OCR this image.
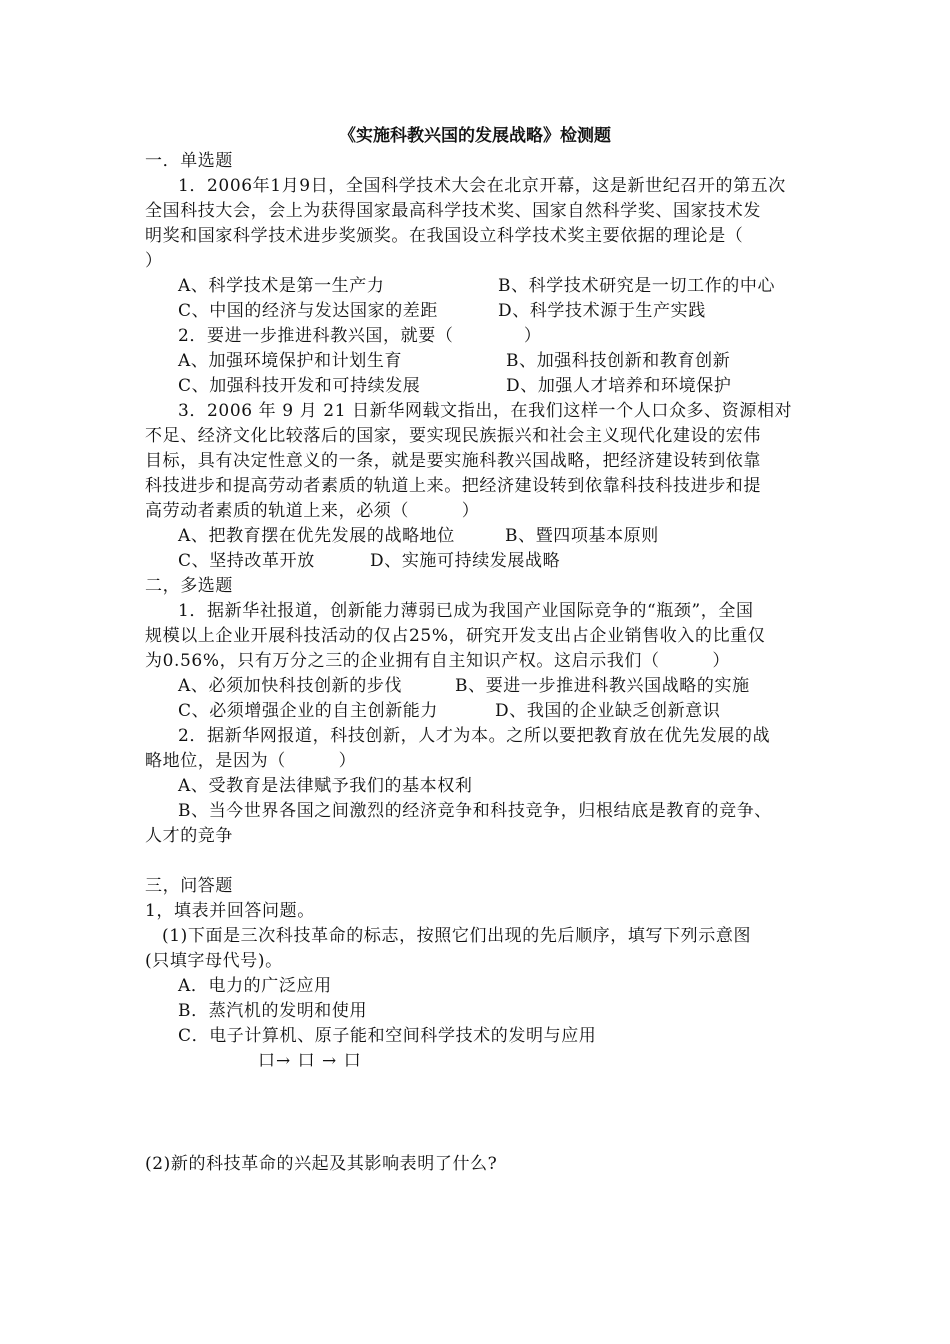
《实施科教兴国的发展战略》检测题
一．单选题
1．2006年1月9日，全国科学技术大会在北京开幕，这是新世纪召开的第五次
全国科技大会，会上为获得国家最高科学技术奖、国家自然科学奖、国家技术发
明奖和国家科学技术进步奖颁奖。在我国设立科学技术奖主要依据的理论是（
）
A、科学技术是第一生产力	B、科学技术研究是一切工作的中心
C、中国的经济与发达国家的差距	D、科学技术源于生产实践
2．要进一步推进科教兴国，就要（　　　　）
A、加强环境保护和计划生育	B、加强科技创新和教育创新
C、加强科技开发和可持续发展	D、加强人才培养和环境保护
3．2006 年 9 月 21 日新华网载文指出，在我们这样一个人口众多、资源相对
不足、经济文化比较落后的国家，要实现民族振兴和社会主义现代化建设的宏伟
目标，具有决定性意义的一条，就是要实施科教兴国战略，把经济建设转到依靠
科技进步和提高劳动者素质的轨道上来。把经济建设转到依靠科技科技进步和提
高劳动者素质的轨道上来，必须（　　　）
A、把教育摆在优先发展的战略地位	B、暨四项基本原则
C、坚持改革开放	D、实施可持续发展战略
二，多选题
1．据新华社报道，创新能力薄弱已成为我国产业国际竞争的“瓶颈”，全国
规模以上企业开展科技活动的仅占25%，研究开发支出占企业销售收入的比重仅
为0.56%，只有万分之三的企业拥有自主知识产权。这启示我们（　　　）
A、必须加快科技创新的步伐	B、要进一步推进科教兴国战略的实施
C、必须增强企业的自主创新能力	D、我国的企业缺乏创新意识
2．据新华网报道，科技创新，人才为本。之所以要把教育放在优先发展的战
略地位，是因为（　　　）
A、受教育是法律赋予我们的基本权利
B、当今世界各国之间激烈的经济竞争和科技竞争，归根结底是教育的竞争、
人才的竞争
三，问答题
1，填表并回答问题。
(1)下面是三次科技革命的标志，按照它们出现的先后顺序，填写下列示意图
(只填字母代号)。
A．电力的广泛应用
B．蒸汽机的发明和使用
C．电子计算机、原子能和空间科学技术的发明与应用
口→ 口 → 口
(2)新的科技革命的兴起及其影响表明了什么?
